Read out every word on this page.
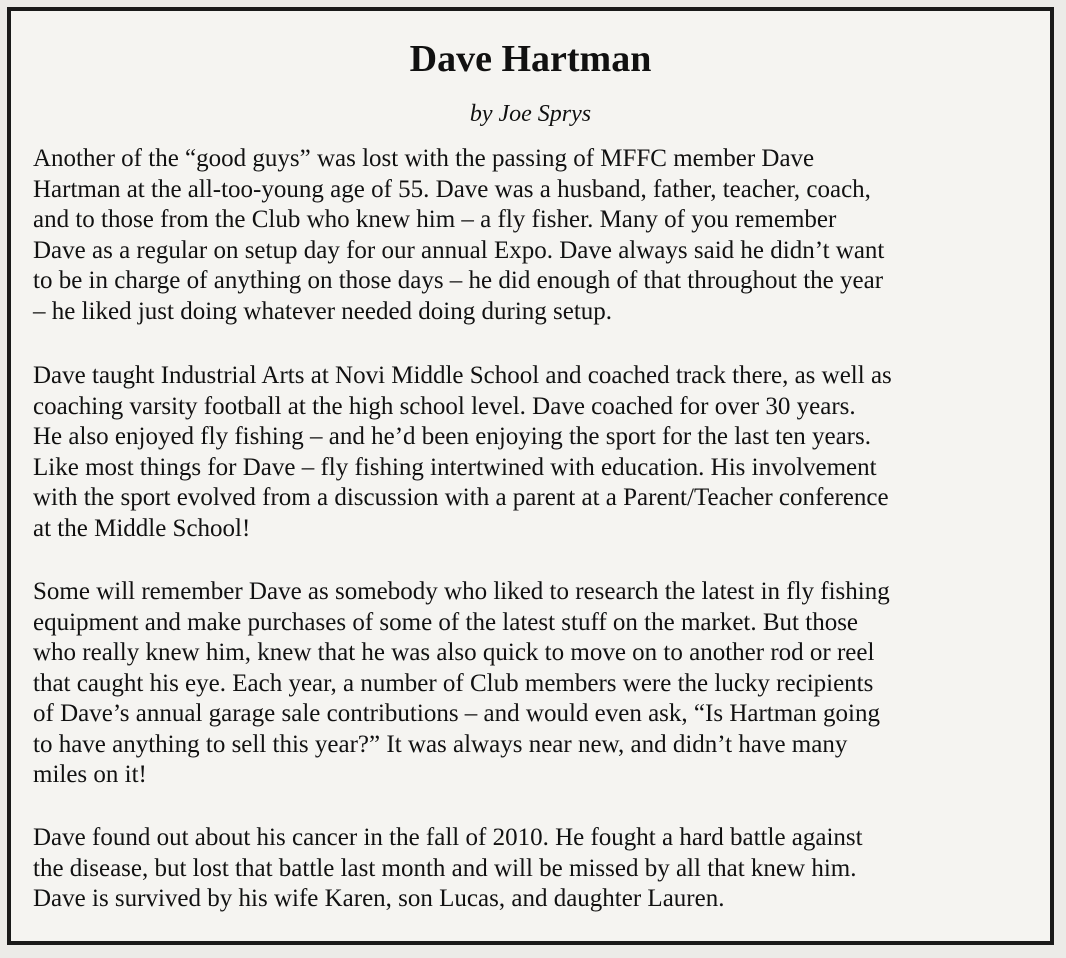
Dave Hartman

by Joe Sprys

Another of the “good guys” was lost with the passing of MFFC member Dave
Hartman at the all-too-young age of 55. Dave was a husband, father, teacher, coach,
and to those from the Club who knew him – a fly fisher. Many of you remember
Dave as a regular on setup day for our annual Expo. Dave always said he didn’t want
to be in charge of anything on those days – he did enough of that throughout the year
– he liked just doing whatever needed doing during setup.

Dave taught Industrial Arts at Novi Middle School and coached track there, as well as
coaching varsity football at the high school level. Dave coached for over 30 years.
He also enjoyed fly fishing – and he’d been enjoying the sport for the last ten years.
Like most things for Dave – fly fishing intertwined with education. His involvement
with the sport evolved from a discussion with a parent at a Parent/Teacher conference
at the Middle School!

Some will remember Dave as somebody who liked to research the latest in fly fishing
equipment and make purchases of some of the latest stuff on the market. But those
who really knew him, knew that he was also quick to move on to another rod or reel
that caught his eye. Each year, a number of Club members were the lucky recipients
of Dave’s annual garage sale contributions – and would even ask, “Is Hartman going
to have anything to sell this year?” It was always near new, and didn’t have many
miles on it!

Dave found out about his cancer in the fall of 2010. He fought a hard battle against
the disease, but lost that battle last month and will be missed by all that knew him.
Dave is survived by his wife Karen, son Lucas, and daughter Lauren.
